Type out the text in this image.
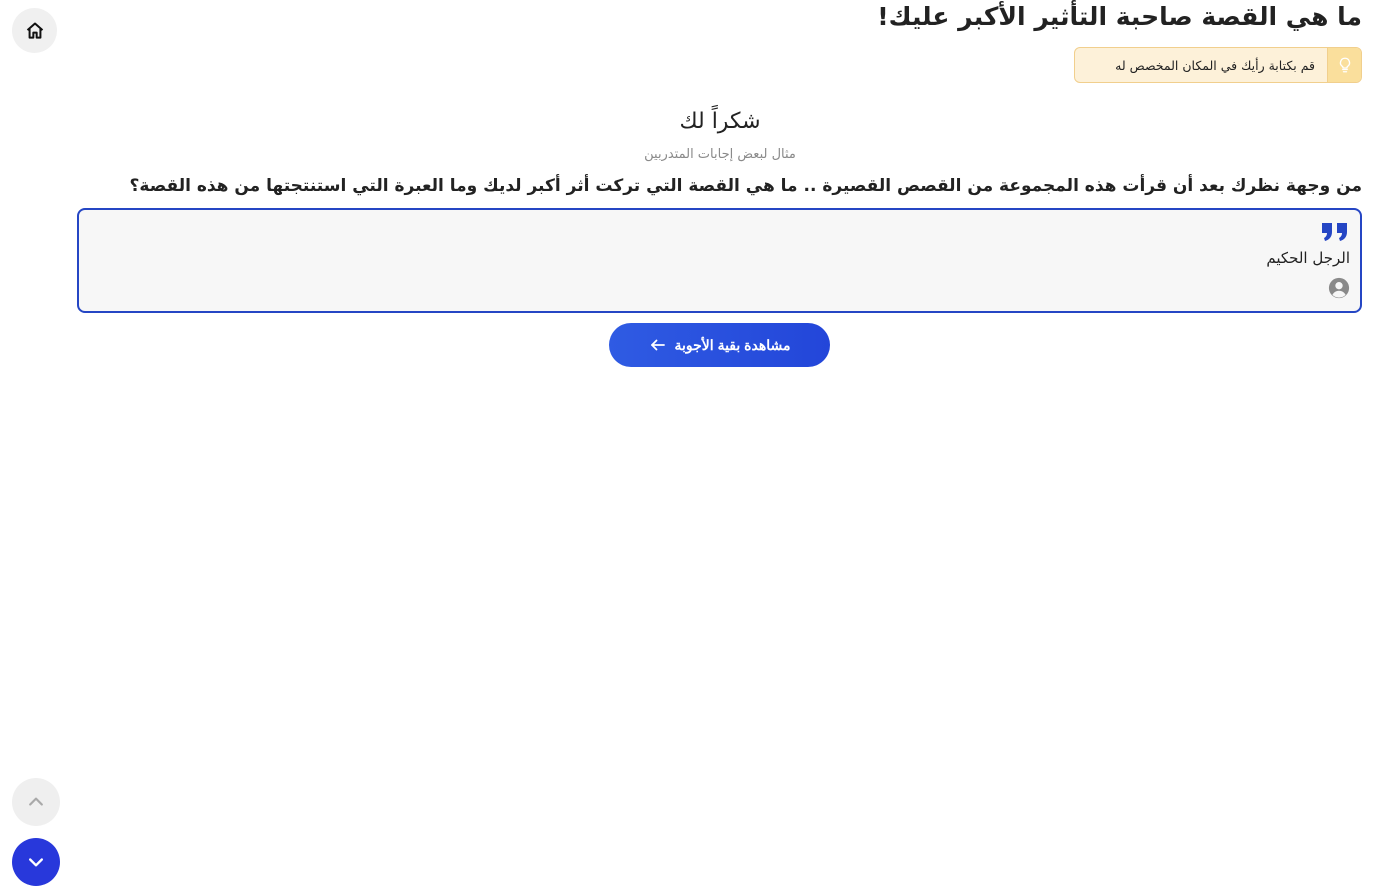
ما هي القصة صاحبة التأثير الأكبر عليك!
قم بكتابة رأيك في المكان المخصص له
شكراً لك
مثال لبعض إجابات المتدربين
من وجهة نظرك بعد أن قرأت هذه المجموعة من القصص القصيرة .. ما هي القصة التي تركت أثر أكبر لديك وما العبرة التي استنتجتها من هذه القصة؟

الرجل الحكيم

مشاهدة بقية الأجوبة
